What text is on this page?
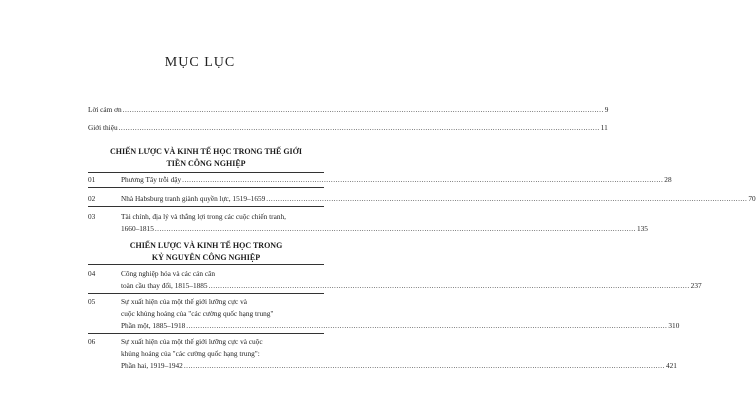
MỤC LỤC
Lời cảm ơn ............................................................................................................................................................................................................... 9
Giới thiệu ............................................................................................................................................................................................................... 11
CHIẾN LƯỢC VÀ KINH TẾ HỌC TRONG THẾ GIỚI
TIỀN CÔNG NGHIỆP
01	Phương Tây trỗi dậy ............................................................................................................................................................................................................... 28
02	Nhà Habsburg tranh giành quyền lực, 1519–1659 ............................................................................................................................................................................................................... 70
03	Tài chính, địa lý và thắng lợi trong các cuộc chiến tranh,
1660–1815 ............................................................................................................................................................................................................... 135
CHIẾN LƯỢC VÀ KINH TẾ HỌC TRONG
KỶ NGUYÊN CÔNG NGHIỆP
04	Công nghiệp hóa và các cán cân
toàn cầu thay đổi, 1815–1885 ............................................................................................................................................................................................................... 237
05	Sự xuất hiện của một thế giới lưỡng cực và
cuộc khủng hoảng của "các cường quốc hạng trung"
Phần một, 1885–1918 ............................................................................................................................................................................................................... 310
06	Sự xuất hiện của một thế giới lưỡng cực và cuộc
khủng hoảng của "các cường quốc hạng trung":
Phần hai, 1919–1942 ............................................................................................................................................................................................................... 421
